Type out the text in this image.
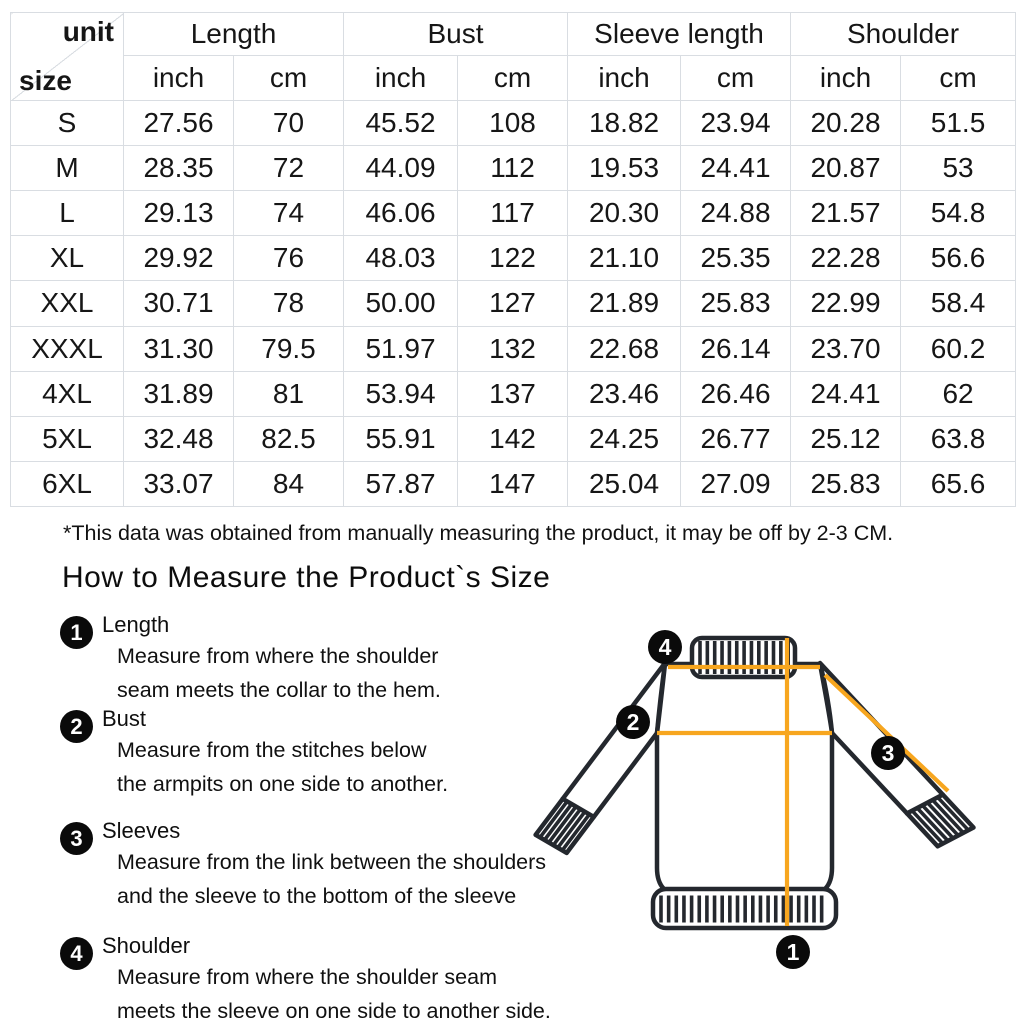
unit
size	Length		Bust		Sleeve length		Shoulder	
	inch	cm	inch	cm	inch	cm	inch	cm
S	27.56	70	45.52	108	18.82	23.94	20.28	51.5
M	28.35	72	44.09	112	19.53	24.41	20.87	53
L	29.13	74	46.06	117	20.30	24.88	21.57	54.8
XL	29.92	76	48.03	122	21.10	25.35	22.28	56.6
XXL	30.71	78	50.00	127	21.89	25.83	22.99	58.4
XXXL	31.30	79.5	51.97	132	22.68	26.14	23.70	60.2
4XL	31.89	81	53.94	137	23.46	26.46	24.41	62
5XL	32.48	82.5	55.91	142	24.25	26.77	25.12	63.8
6XL	33.07	84	57.87	147	25.04	27.09	25.83	65.6
*This data was obtained from manually measuring the product, it may be off by 2-3 CM.
How to Measure the Product`s Size
1 Length
Measure from where the shoulder
seam meets the collar to the hem.
2 Bust
Measure from the stitches below
the armpits on one side to another.
3 Sleeves
Measure from the link between the shoulders
and the sleeve to the bottom of the sleeve
4 Shoulder
Measure from where the shoulder seam
meets the sleeve on one side to another side.
4
2
3
1
